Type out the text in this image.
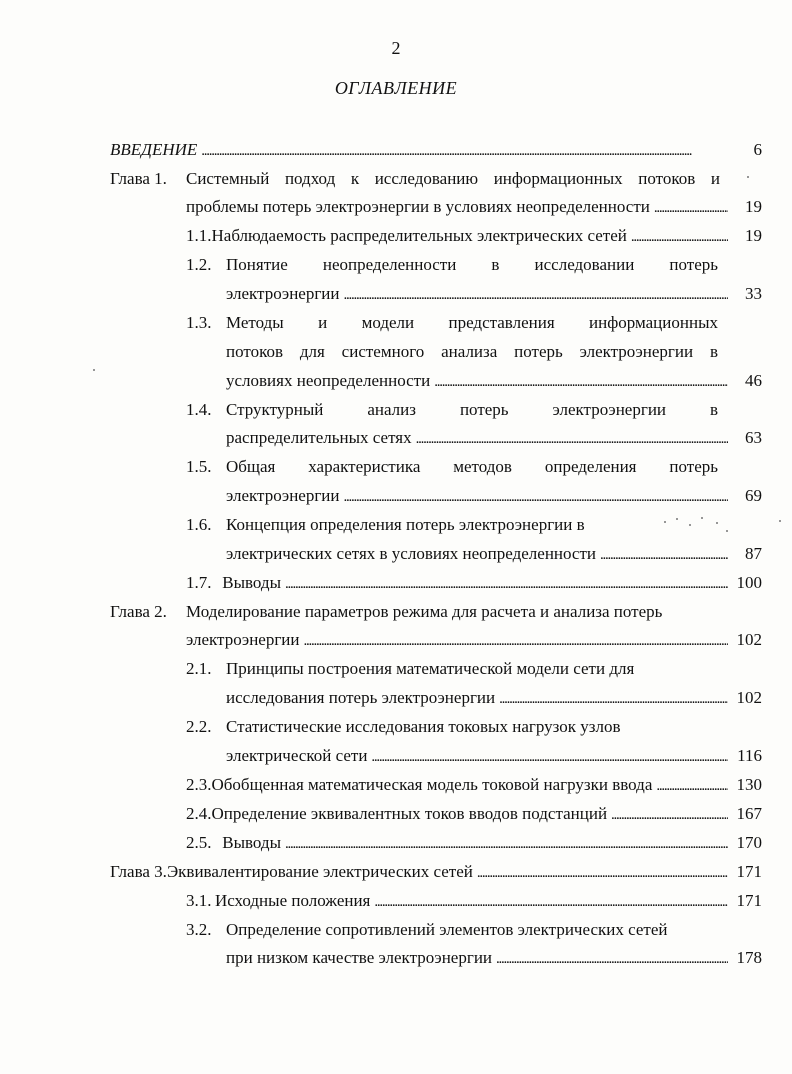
2
ОГЛАВЛЕНИЕ
ВВЕДЕНИЕ . . .	6
Глава 1.	Системный подход к исследованию информационных потоков и
проблемы потерь электроэнергии в условиях неопределенности . . .	19
1.1. Наблюдаемость распределительных электрических сетей . . .	19
1.2. Понятие неопределенности в исследовании потерь
электроэнергии . . .	33
1.3. Методы и модели представления информационных
потоков для системного анализа потерь электроэнергии в
условиях неопределенности . . .	46
1.4. Структурный анализ потерь электроэнергии в
распределительных сетях . . .	63
1.5. Общая характеристика методов определения потерь
электроэнергии . . .	69
1.6. Концепция определения потерь электроэнергии в
электрических сетях в условиях неопределенности . . .	87
1.7. Выводы . . .	100
Глава 2.	Моделирование параметров режима для расчета и анализа потерь
электроэнергии . . .	102
2.1. Принципы построения математической модели сети для
исследования потерь электроэнергии . . .	102
2.2. Статистические исследования токовых нагрузок узлов
электрической сети . . .	116
2.3. Обобщенная математическая модель токовой нагрузки ввода . . .	130
2.4. Определение эквивалентных токов вводов подстанций . . .	167
2.5. Выводы . . .	170
Глава 3. Эквивалентирование электрических сетей . . .	171
3.1. Исходные положения . . .	171
3.2. Определение сопротивлений элементов электрических сетей
при низком качестве электроэнергии . . .	178
